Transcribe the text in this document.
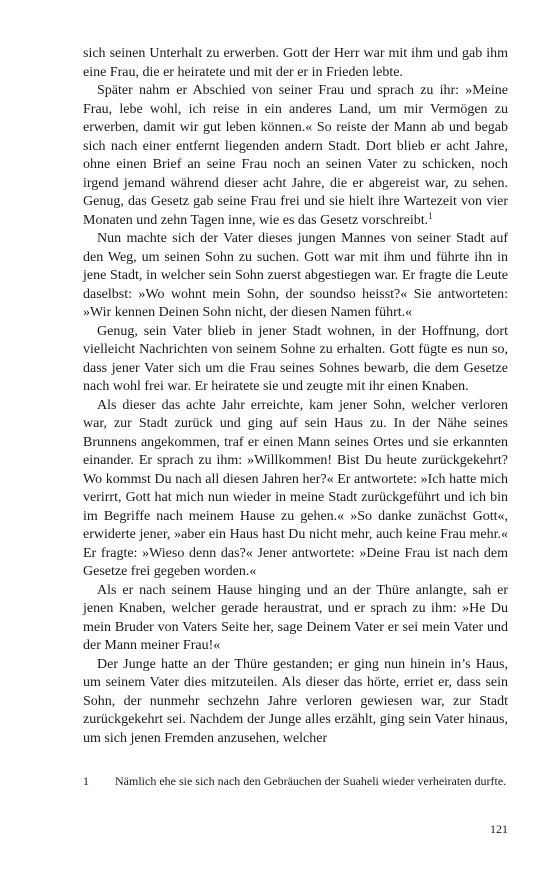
sich seinen Unterhalt zu erwerben. Gott der Herr war mit ihm und gab ihm eine Frau, die er heiratete und mit der er in Frieden lebte.

Später nahm er Abschied von seiner Frau und sprach zu ihr: »Meine Frau, lebe wohl, ich reise in ein anderes Land, um mir Vermögen zu erwerben, damit wir gut leben können.« So reiste der Mann ab und begab sich nach einer entfernt liegenden andern Stadt. Dort blieb er acht Jahre, ohne einen Brief an seine Frau noch an seinen Vater zu schicken, noch irgend jemand während dieser acht Jahre, die er abgereist war, zu sehen. Genug, das Gesetz gab seine Frau frei und sie hielt ihre Wartezeit von vier Monaten und zehn Tagen inne, wie es das Gesetz vorschreibt.$^1$

Nun machte sich der Vater dieses jungen Mannes von seiner Stadt auf den Weg, um seinen Sohn zu suchen. Gott war mit ihm und führte ihn in jene Stadt, in welcher sein Sohn zuerst abgestiegen war. Er fragte die Leute daselbst: »Wo wohnt mein Sohn, der soundso heisst?« Sie antworteten: »Wir kennen Deinen Sohn nicht, der diesen Namen führt.«

Genug, sein Vater blieb in jener Stadt wohnen, in der Hoffnung, dort vielleicht Nachrichten von seinem Sohne zu erhalten. Gott fügte es nun so, dass jener Vater sich um die Frau seines Sohnes bewarb, die dem Gesetze nach wohl frei war. Er heiratete sie und zeugte mit ihr einen Knaben.

Als dieser das achte Jahr erreichte, kam jener Sohn, welcher verloren war, zur Stadt zurück und ging auf sein Haus zu. In der Nähe seines Brunnens angekommen, traf er einen Mann seines Ortes und sie erkannten einander. Er sprach zu ihm: »Willkommen! Bist Du heute zurückgekehrt? Wo kommst Du nach all diesen Jahren her?« Er antwortete: »Ich hatte mich verirrt, Gott hat mich nun wieder in meine Stadt zurückgeführt und ich bin im Begriffe nach meinem Hause zu gehen.« »So danke zunächst Gott«, erwiderte jener, »aber ein Haus hast Du nicht mehr, auch keine Frau mehr.« Er fragte: »Wieso denn das?« Jener antwortete: »Deine Frau ist nach dem Gesetze frei gegeben worden.«

Als er nach seinem Hause hinging und an der Thüre anlangte, sah er jenen Knaben, welcher gerade heraustrat, und er sprach zu ihm: »He Du mein Bruder von Vaters Seite her, sage Deinem Vater er sei mein Vater und der Mann meiner Frau!«

Der Junge hatte an der Thüre gestanden; er ging nun hinein in’s Haus, um seinem Vater dies mitzuteilen. Als dieser das hörte, erriet er, dass sein Sohn, der nunmehr sechzehn Jahre verloren gewiesen war, zur Stadt zurückgekehrt sei. Nachdem der Junge alles erzählt, ging sein Vater hinaus, um sich jenen Fremden anzusehen, welcher

1	Nämlich ehe sie sich nach den Gebräuchen der Suaheli wieder verheiraten durfte.
121
